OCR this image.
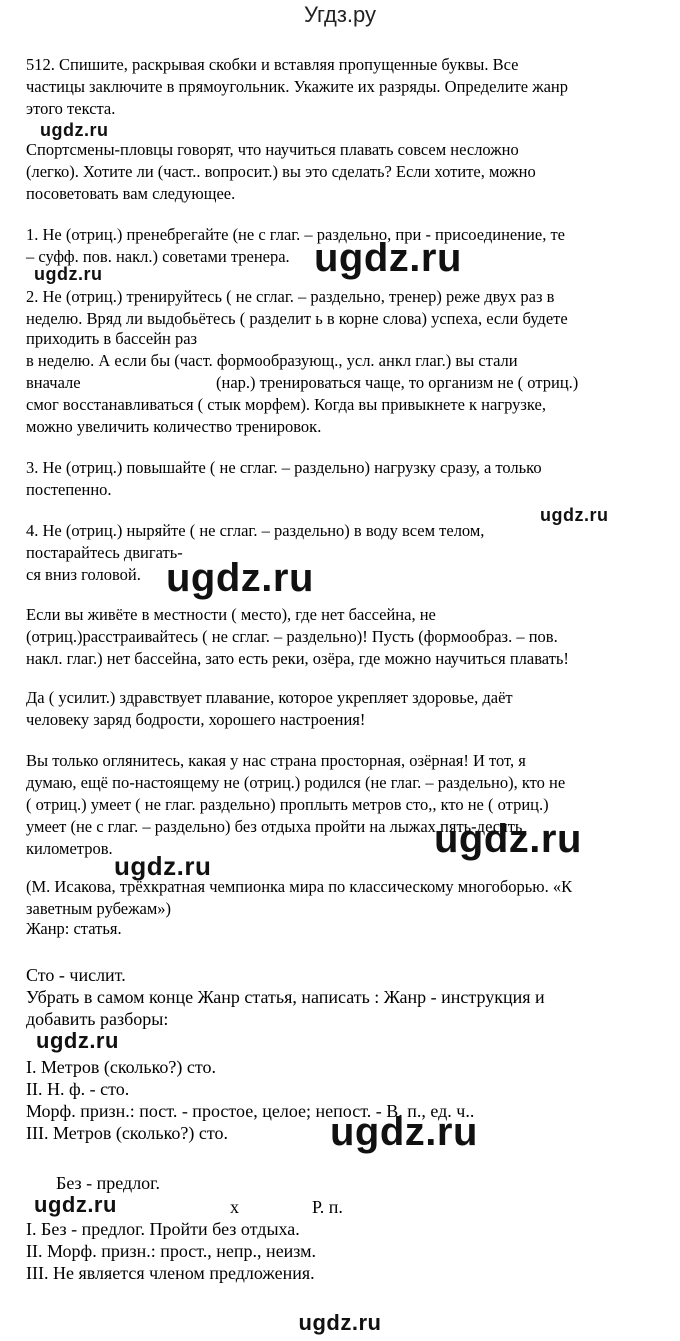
Угдз.ру
512. Спишите, раскрывая скобки и вставляя пропущенные буквы. Все
частицы заключите в прямоугольник. Укажите их разряды. Определите жанр
этого текста.
ugdz.ru
Спортсмены-пловцы говорят, что научиться плавать совсем несложно
(легко). Хотите ли (част.. вопросит.) вы это сделать? Если хотите, можно
посоветовать вам следующее.
1. Не (отриц.) пренебрегайте (не с глаг. – раздельно, при - присоединение, те
– суфф. пов. накл.) советами тренера. ugdz.ru
ugdz.ru
2. Не (отриц.) тренируйтесь ( не сглаг. – раздельно, тренер) реже двух раз в
неделю. Вряд ли выдобьётесь ( разделит ь в корне слова) успеха, если будете
приходить в бассейн раз
в неделю. А если бы (част. формообразующ., усл. анкл глаг.) вы стали
вначале	(нар.) тренироваться чаще, то организм не ( отриц.)
смог восстанавливаться ( стык морфем). Когда вы привыкнете к нагрузке,
можно увеличить количество тренировок.
3. Не (отриц.) повышайте ( не сглаг. – раздельно) нагрузку сразу, а только
постепенно.
ugdz.ru
4. Не (отриц.) ныряйте ( не сглаг. – раздельно) в воду всем телом,
постарайтесь двигать-
ся вниз головой. ugdz.ru
Если вы живёте в местности ( место), где нет бассейна, не
(отриц.)расстраивайтесь ( не сглаг. – раздельно)! Пусть (формообраз. – пов.
накл. глаг.) нет бассейна, зато есть реки, озёра, где можно научиться плавать!
Да ( усилит.) здравствует плавание, которое укрепляет здоровье, даёт
человеку заряд бодрости, хорошего настроения!
Вы только оглянитесь, какая у нас страна просторная, озёрная! И тот, я
думаю, ещё по-настоящему не (отриц.) родился (не глаг. – раздельно), кто не
( отриц.) умеет ( не глаг. раздельно) проплыть метров сто,, кто не ( отриц.)
умеет (не с глаг. – раздельно) без отдыха пройти на лыжах пять-десять
километров.	ugdz.ru
ugdz.ru
(М. Исакова, трёхкратная чемпионка мира по классическому многоборью. «К
заветным рубежам»)
Жанр: статья.
Сто - числит.
Убрать в самом конце Жанр статья, написать : Жанр - инструкция и
добавить разборы:
ugdz.ru
I. Метров (сколько?) сто.
II. Н. ф. - сто.
Морф. призн.: пост. - простое, целое; непост. - В. п., ед. ч..
III. Метров (сколько?) сто.	ugdz.ru
Без - предлог.
ugdz.ru	х	Р. п.
I. Без - предлог. Пройти без отдыха.
II. Морф. призн.: прост., непр., неизм.
III. Не является членом предложения.
ugdz.ru
